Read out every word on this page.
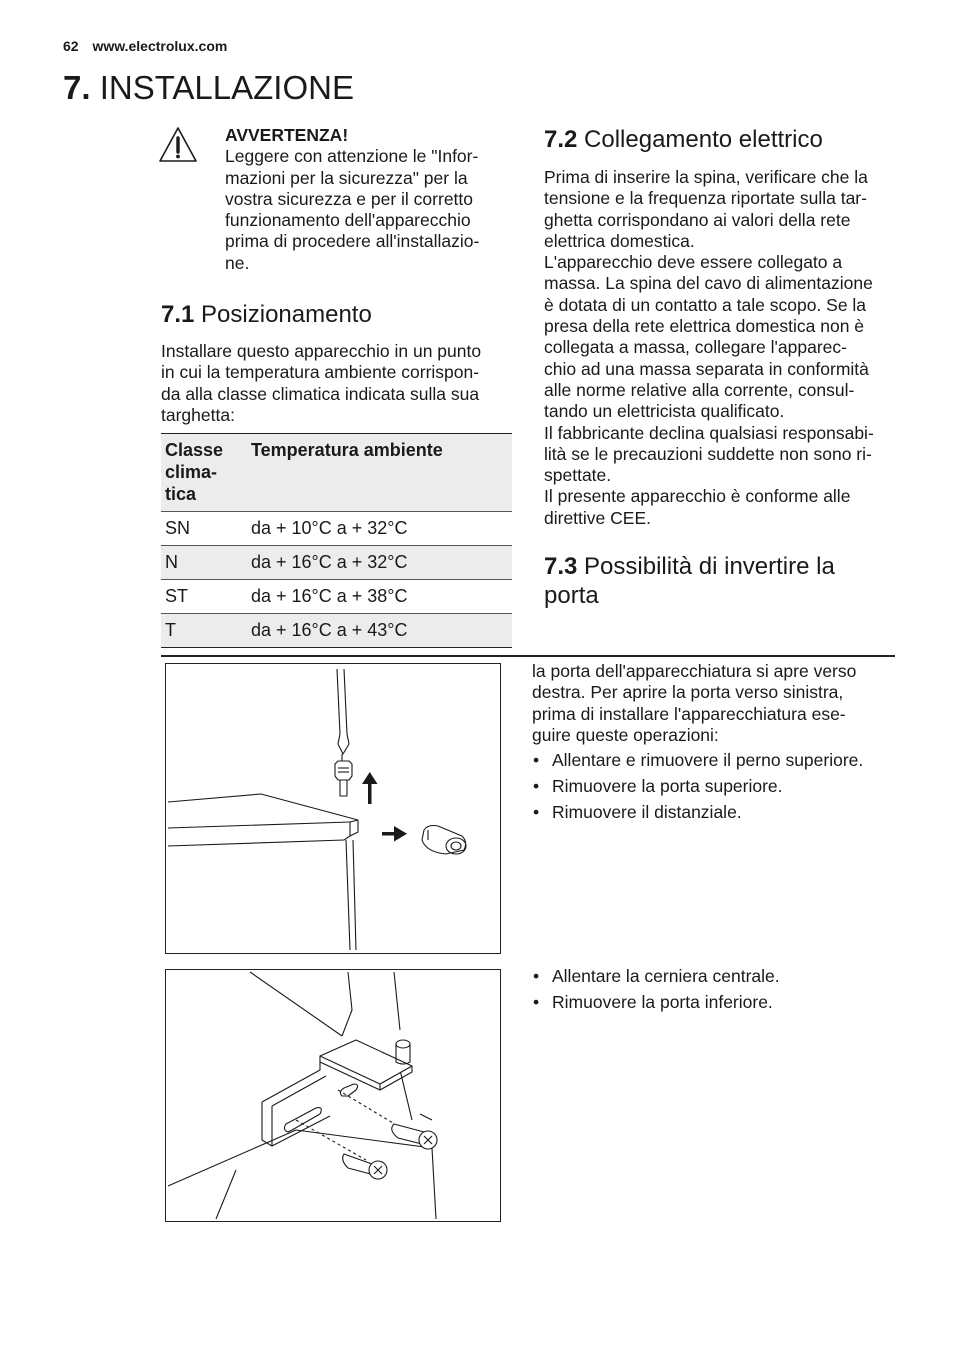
62 www.electrolux.com
7. INSTALLAZIONE
AVVERTENZA!
Leggere con attenzione le "Infor-
mazioni per la sicurezza" per la
vostra sicurezza e per il corretto
funzionamento dell'apparecchio
prima di procedere all'installazio-
ne.
7.1 Posizionamento
Installare questo apparecchio in un punto
in cui la temperatura ambiente corrispon-
da alla classe climatica indicata sulla sua
targhetta:
Classe
clima-
tica	Temperatura ambiente
SN	da + 10°C a + 32°C
N	da + 16°C a + 32°C
ST	da + 16°C a + 38°C
T	da + 16°C a + 43°C
7.2 Collegamento elettrico
Prima di inserire la spina, verificare che la
tensione e la frequenza riportate sulla tar-
ghetta corrispondano ai valori della rete
elettrica domestica.
L'apparecchio deve essere collegato a
massa. La spina del cavo di alimentazione
è dotata di un contatto a tale scopo. Se la
presa della rete elettrica domestica non è
collegata a massa, collegare l'apparec-
chio ad una massa separata in conformità
alle norme relative alla corrente, consul-
tando un elettricista qualificato.
Il fabbricante declina qualsiasi responsabi-
lità se le precauzioni suddette non sono ri-
spettate.
Il presente apparecchio è conforme alle
direttive CEE.
7.3 Possibilità di invertire la
porta
la porta dell'apparecchiatura si apre verso
destra. Per aprire la porta verso sinistra,
prima di installare l'apparecchiatura ese-
guire queste operazioni:
• Allentare e rimuovere il perno superiore.
• Rimuovere la porta superiore.
• Rimuovere il distanziale.
• Allentare la cerniera centrale.
• Rimuovere la porta inferiore.
